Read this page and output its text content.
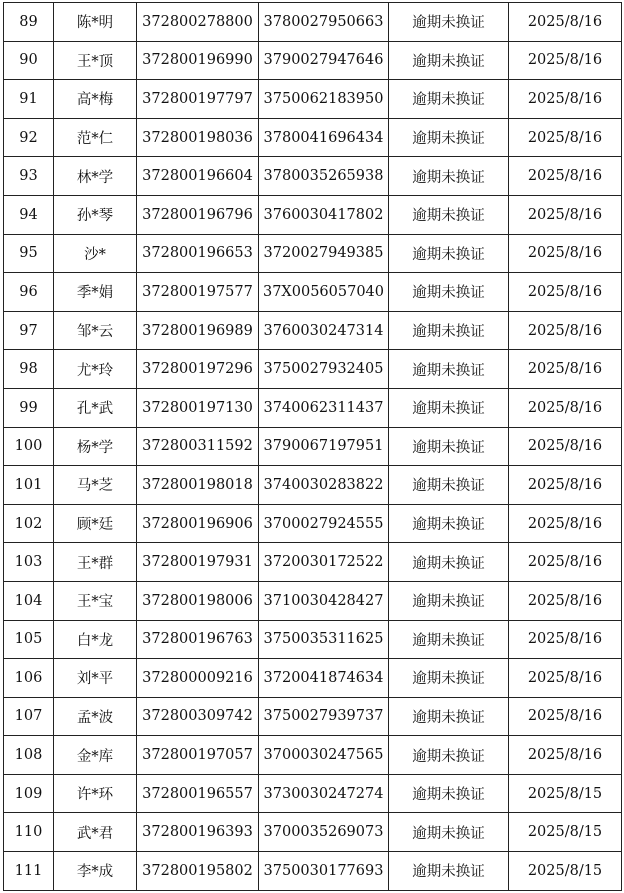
89	陈*明	372800278800	3780027950663	逾期未换证	2025/8/16
90	王*顶	372800196990	3790027947646	逾期未换证	2025/8/16
91	高*梅	372800197797	3750062183950	逾期未换证	2025/8/16
92	范*仁	372800198036	3780041696434	逾期未换证	2025/8/16
93	林*学	372800196604	3780035265938	逾期未换证	2025/8/16
94	孙*琴	372800196796	3760030417802	逾期未换证	2025/8/16
95	沙*	372800196653	3720027949385	逾期未换证	2025/8/16
96	季*娟	372800197577	37X0056057040	逾期未换证	2025/8/16
97	邹*云	372800196989	3760030247314	逾期未换证	2025/8/16
98	尤*玲	372800197296	3750027932405	逾期未换证	2025/8/16
99	孔*武	372800197130	3740062311437	逾期未换证	2025/8/16
100	杨*学	372800311592	3790067197951	逾期未换证	2025/8/16
101	马*芝	372800198018	3740030283822	逾期未换证	2025/8/16
102	顾*廷	372800196906	3700027924555	逾期未换证	2025/8/16
103	王*群	372800197931	3720030172522	逾期未换证	2025/8/16
104	王*宝	372800198006	3710030428427	逾期未换证	2025/8/16
105	白*龙	372800196763	3750035311625	逾期未换证	2025/8/16
106	刘*平	372800009216	3720041874634	逾期未换证	2025/8/16
107	孟*波	372800309742	3750027939737	逾期未换证	2025/8/16
108	金*库	372800197057	3700030247565	逾期未换证	2025/8/16
109	许*环	372800196557	3730030247274	逾期未换证	2025/8/15
110	武*君	372800196393	3700035269073	逾期未换证	2025/8/15
111	李*成	372800195802	3750030177693	逾期未换证	2025/8/15
